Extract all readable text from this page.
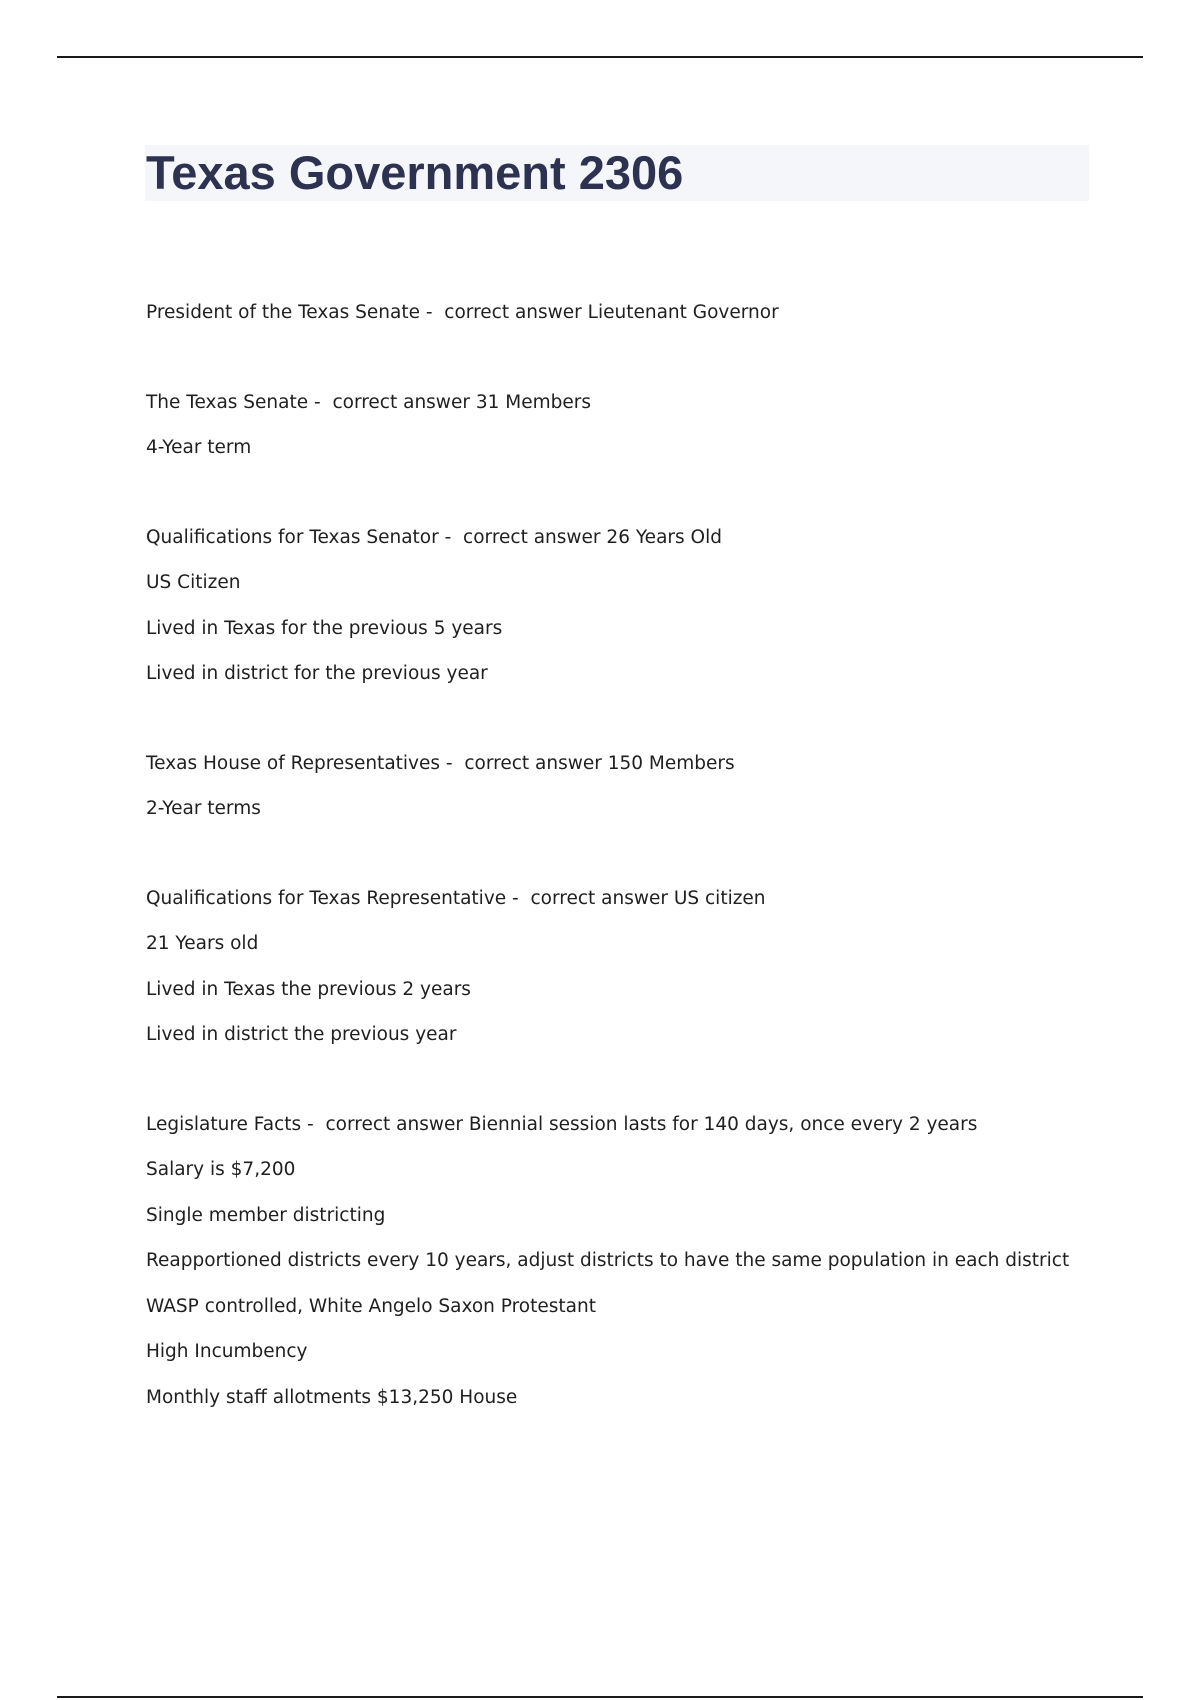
Texas Government 2306

President of the Texas Senate - correct answer Lieutenant Governor

The Texas Senate - correct answer 31 Members

4-Year term

Qualifications for Texas Senator - correct answer 26 Years Old

US Citizen

Lived in Texas for the previous 5 years

Lived in district for the previous year

Texas House of Representatives - correct answer 150 Members

2-Year terms

Qualifications for Texas Representative - correct answer US citizen

21 Years old

Lived in Texas the previous 2 years

Lived in district the previous year

Legislature Facts - correct answer Biennial session lasts for 140 days, once every 2 years

Salary is $7,200

Single member districting

Reapportioned districts every 10 years, adjust districts to have the same population in each district

WASP controlled, White Angelo Saxon Protestant

High Incumbency

Monthly staff allotments $13,250 House
